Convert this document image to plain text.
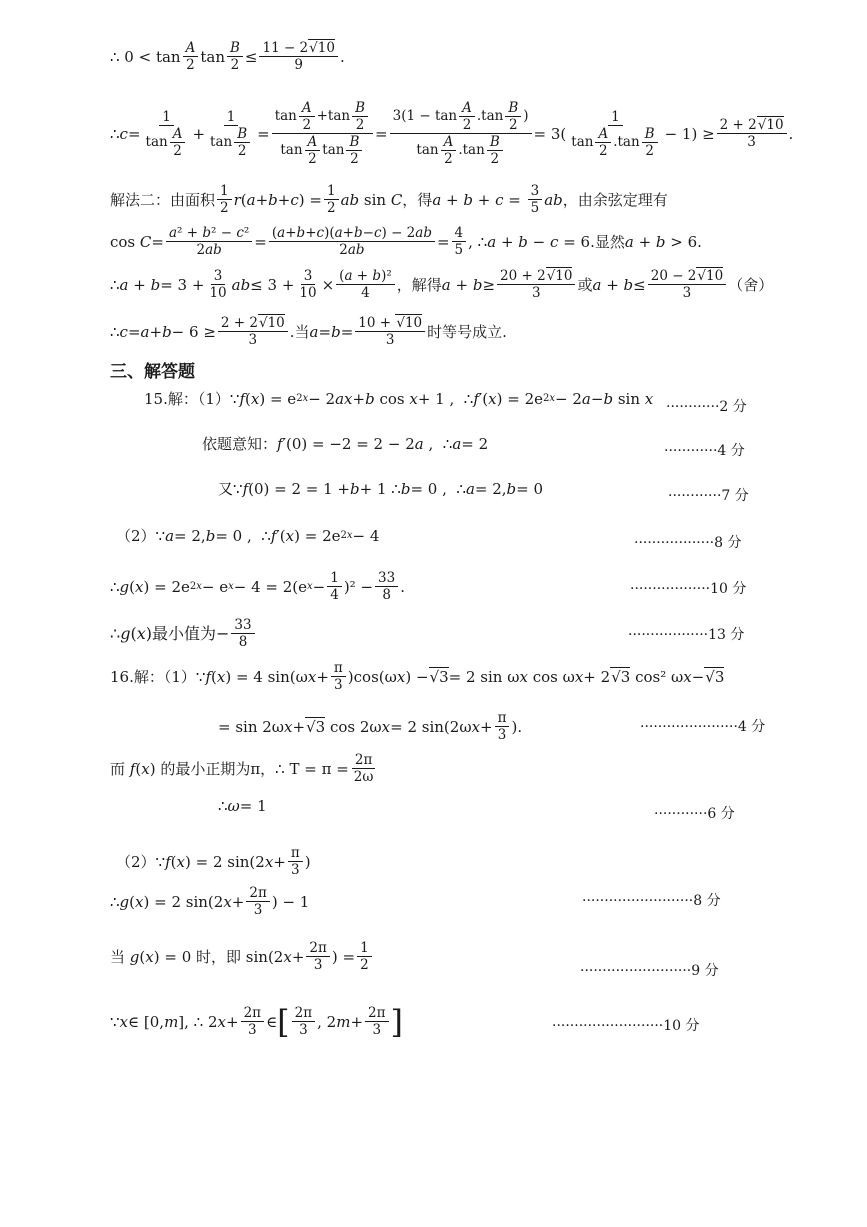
∴ $0 < \tan \frac{A}{2}$ $\tan \frac{B}{2} \le \frac{11 - 2√10}{9}$ .
∴ $c = \frac{1}{\tan \frac{A}{2}} + \frac{1}{\tan \frac{B}{2}} = \frac{\tan \frac{A}{2} +\tan \frac{B}{2}}{\tan \frac{A}{2} \tan \frac{B}{2}} = \frac{3(1 - \tan \frac{A}{2} .\tan \frac{B}{2} )}{\tan \frac{A}{2} .\tan \frac{B}{2}} = 3( \frac{1}{\tan \frac{A}{2} .\tan \frac{B}{2}} - 1) \ge \frac{2 + 2√10}{3}$ .
解法二：由面积 $\frac{1}{2}$ r ( a + b + c ) = $\frac{1}{2}$ ab sin C ，得 $a + b + c = \frac{3}{5}$ ab ，由余弦定理有
$\cos C = \frac{\text{a² + b² − c²}}{2ab} = \frac{(a+b+c)(a+b-c) - 2ab}{2ab} = \frac{4}{5}$ , ∴ a + b − c = 6. 显然 a + b > 6.
∴ $a + b = 3 + \frac{3}{10}$ ab ≤ $3 + \frac{3}{10} \times \frac{\text{(a + b)²}}{4}$ ，解得 $a + b \ge \frac{20 + 2√10}{3}$ 或 $a + b \le \frac{20 - 2√10}{3}$ （舍）
∴ $c = a + b - 6 \ge \frac{2 + 2√10}{3}$ . 当 $a = b = \frac{10 + √10}{3}$ 时等号成立.
三、解答题
15.解：（1） ∵ f ( x ) = e 2x − 2 ax + b cos x + 1 ,  ∴ f ′( x ) = 2e 2x − 2 a − b sin x ············2 分
依题意知： f ′(0) = −2 = 2 − 2 a ,  ∴ a = 2	············4 分
又 ∵ f (0) = 2 = 1 + b + 1 ∴ b = 0 ,  ∴ a = 2, b = 0	············7 分
（2） ∵ a = 2, b = 0 ,  ∴ f ′( x ) = 2e 2x − 4	··················8 分
∴ g ( x ) = 2e 2x − e x − 4 = 2(e $x - \frac{1}{4} )^2 - \frac{33}{8}$ .	··················10 分
∴ g ( x ) 最小值为 − $\frac{33}{8}$	··················13 分
16.解：（1） ∵ f ( x ) = 4 sin(ω $x + \frac{\pi}{3} )\cos(\omega$ x ) − √3 = 2 sin ω x cos ω x + 2 √3 cos² ω x − √3
= sin 2ω x + √3 cos 2ω x = 2 sin(2ω $x + \frac{\pi}{3}$ ).	······················4 分
而
f ( x ) 的最小正期为π， ∴ $T = \pi = \frac{2\pi}{2\omega}$
∴ ω = 1	············6 分
（2） ∵ f ( x ) = 2 sin(2 $x + \frac{\pi}{3}$ )
∴ g ( x ) = 2 sin(2 $x + \frac{2\pi}{3}$ ) − 1	·························8 分
当
g ( x ) = 0 时，即 sin(2 $x + \frac{2\pi}{3}$ ) = $\frac{1}{2}$	·························9 分
∵ x ∈ [0, m ], ∴ 2 $x + \frac{2\pi}{3}$ ∈ [ $\frac{2\pi}{3}$ , 2 $m + \frac{2\pi}{3}$ ]	·························10 分
